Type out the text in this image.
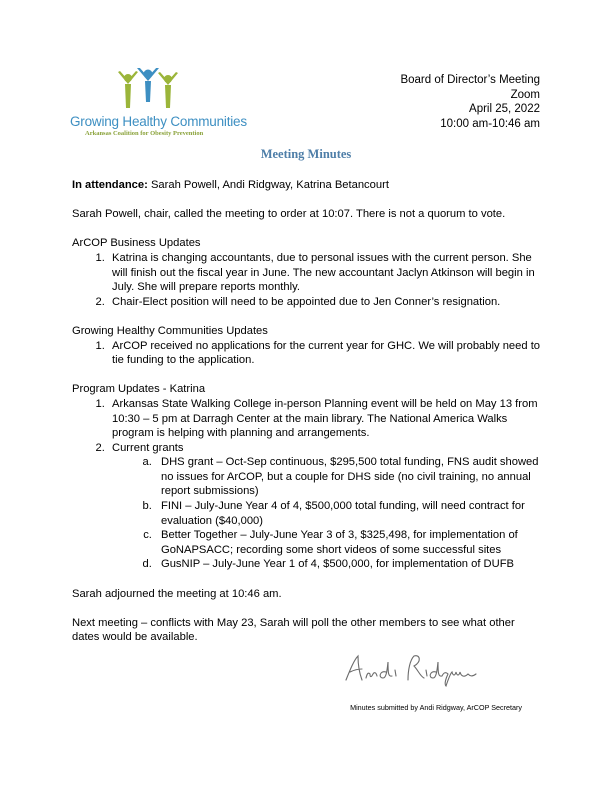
Growing Healthy Communities
Arkansas Coalition for Obesity Prevention
Board of Director’s Meeting
Zoom
April 25, 2022
10:00 am-10:46 am
Meeting Minutes

In attendance: Sarah Powell, Andi Ridgway, Katrina Betancourt

Sarah Powell, chair, called the meeting to order at 10:07. There is not a quorum to vote.

ArCOP Business Updates

1. Katrina is changing accountants, due to personal issues with the current person. She will finish out the fiscal year in June. The new accountant Jaclyn Atkinson will begin in July. She will prepare reports monthly.
2. Chair-Elect position will need to be appointed due to Jen Conner’s resignation.

Growing Healthy Communities Updates

1. ArCOP received no applications for the current year for GHC. We will probably need to tie funding to the application.

Program Updates - Katrina

1. Arkansas State Walking College in-person Planning event will be held on May 13 from 10:30 – 5 pm at Darragh Center at the main library. The National America Walks program is helping with planning and arrangements.
2. Current grants
a. DHS grant – Oct-Sep continuous, $295,500 total funding, FNS audit showed no issues for ArCOP, but a couple for DHS side (no civil training, no annual report submissions)
b. FINI – July-June Year 4 of 4, $500,000 total funding, will need contract for evaluation ($40,000)
c. Better Together – July-June Year 3 of 3, $325,498, for implementation of GoNAPSACC; recording some short videos of some successful sites
d. GusNIP – July-June Year 1 of 4, $500,000, for implementation of DUFB

Sarah adjourned the meeting at 10:46 am.

Next meeting – conflicts with May 23, Sarah will poll the other members to see what other dates would be available.

Minutes submitted by Andi Ridgway, ArCOP Secretary
